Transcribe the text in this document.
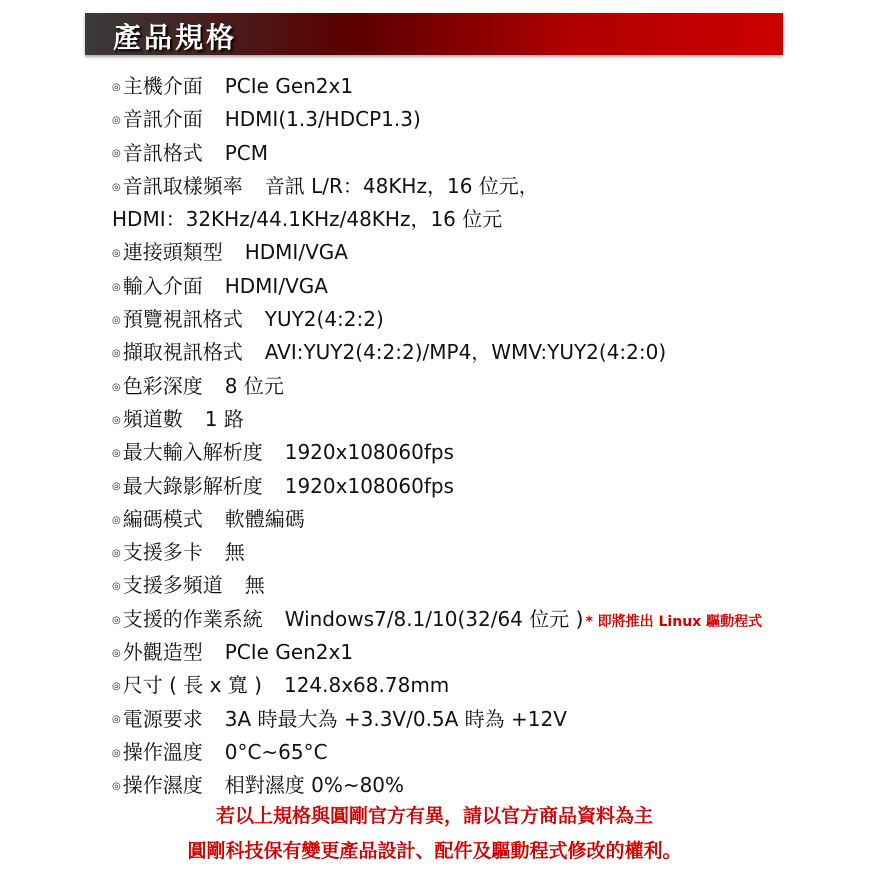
產品規格
◎ 主機介面 PCIe Gen2x1
◎ 音訊介面 HDMI(1.3/HDCP1.3)
◎ 音訊格式 PCM
◎ 音訊取樣頻率 音訊 L/R：48KHz，16 位元，
HDMI：32KHz/44.1KHz/48KHz，16 位元
◎ 連接頭類型 HDMI/VGA
◎ 輸入介面 HDMI/VGA
◎ 預覽視訊格式 YUY2(4:2:2)
◎ 擷取視訊格式 AVI:YUY2(4:2:2)/MP4，WMV:YUY2(4:2:0)
◎ 色彩深度 8 位元
◎ 頻道數 1 路
◎ 最大輸入解析度 1920x108060fps
◎ 最大錄影解析度 1920x108060fps
◎ 編碼模式 軟體編碼
◎ 支援多卡 無
◎ 支援多頻道 無
◎ 支援的作業系統 Windows7/8.1/10(32/64 位元 ) * 即將推出 Linux 驅動程式
◎ 外觀造型 PCIe Gen2x1
◎ 尺寸 ( 長 x 寬 ) 124.8x68.78mm
◎ 電源要求 3A 時最大為 +3.3V/0.5A 時為 +12V
◎ 操作溫度 0°C~65°C
◎ 操作濕度 相對濕度 0%~80%
若以上規格與圓剛官方有異，請以官方商品資料為主
圓剛科技保有變更產品設計、配件及驅動程式修改的權利。
